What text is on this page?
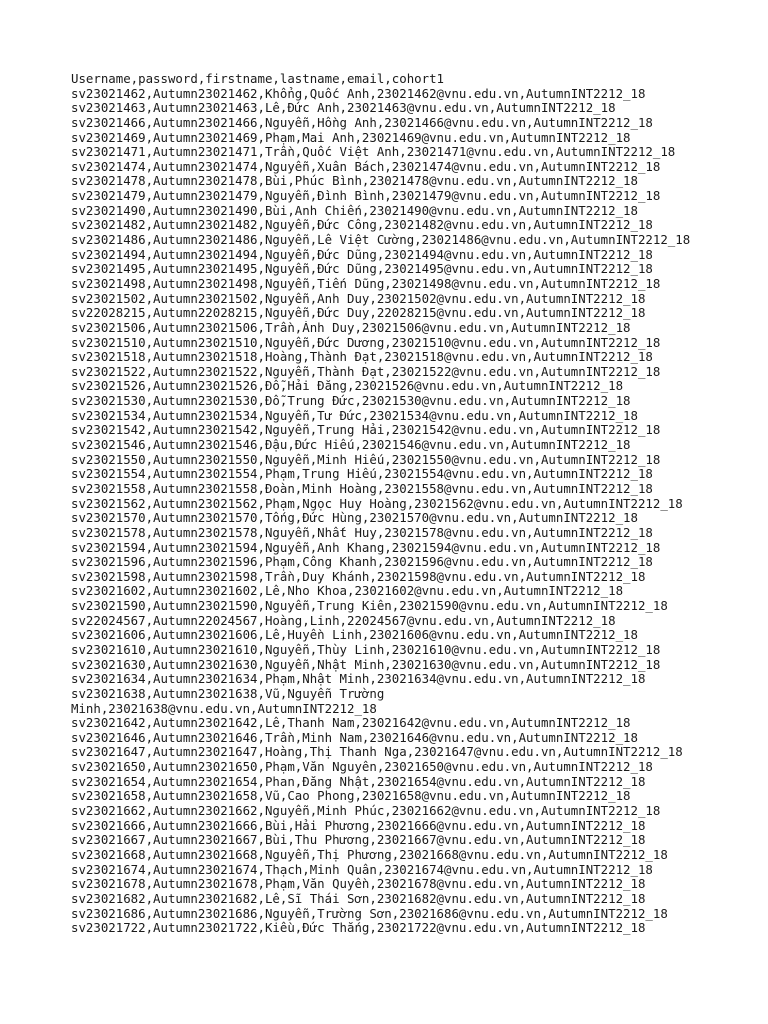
Username,password,firstname,lastname,email,cohort1
sv23021462,Autumn23021462,Khổng,Quốc Anh,23021462@vnu.edu.vn,AutumnINT2212_18
sv23021463,Autumn23021463,Lê,Đức Anh,23021463@vnu.edu.vn,AutumnINT2212_18
sv23021466,Autumn23021466,Nguyễn,Hồng Anh,23021466@vnu.edu.vn,AutumnINT2212_18
sv23021469,Autumn23021469,Phạm,Mai Anh,23021469@vnu.edu.vn,AutumnINT2212_18
sv23021471,Autumn23021471,Trần,Quốc Việt Anh,23021471@vnu.edu.vn,AutumnINT2212_18
sv23021474,Autumn23021474,Nguyễn,Xuân Bách,23021474@vnu.edu.vn,AutumnINT2212_18
sv23021478,Autumn23021478,Bùi,Phúc Bình,23021478@vnu.edu.vn,AutumnINT2212_18
sv23021479,Autumn23021479,Nguyễn,Đình Bình,23021479@vnu.edu.vn,AutumnINT2212_18
sv23021490,Autumn23021490,Bùi,Anh Chiến,23021490@vnu.edu.vn,AutumnINT2212_18
sv23021482,Autumn23021482,Nguyễn,Đức Công,23021482@vnu.edu.vn,AutumnINT2212_18
sv23021486,Autumn23021486,Nguyễn,Lê Việt Cường,23021486@vnu.edu.vn,AutumnINT2212_18
sv23021494,Autumn23021494,Nguyễn,Đức Dũng,23021494@vnu.edu.vn,AutumnINT2212_18
sv23021495,Autumn23021495,Nguyễn,Đức Dũng,23021495@vnu.edu.vn,AutumnINT2212_18
sv23021498,Autumn23021498,Nguyễn,Tiến Dũng,23021498@vnu.edu.vn,AutumnINT2212_18
sv23021502,Autumn23021502,Nguyễn,Anh Duy,23021502@vnu.edu.vn,AutumnINT2212_18
sv22028215,Autumn22028215,Nguyễn,Đức Duy,22028215@vnu.edu.vn,AutumnINT2212_18
sv23021506,Autumn23021506,Trần,Ánh Duy,23021506@vnu.edu.vn,AutumnINT2212_18
sv23021510,Autumn23021510,Nguyễn,Đức Dương,23021510@vnu.edu.vn,AutumnINT2212_18
sv23021518,Autumn23021518,Hoàng,Thành Đạt,23021518@vnu.edu.vn,AutumnINT2212_18
sv23021522,Autumn23021522,Nguyễn,Thành Đạt,23021522@vnu.edu.vn,AutumnINT2212_18
sv23021526,Autumn23021526,Đỗ,Hải Đăng,23021526@vnu.edu.vn,AutumnINT2212_18
sv23021530,Autumn23021530,Đỗ,Trung Đức,23021530@vnu.edu.vn,AutumnINT2212_18
sv23021534,Autumn23021534,Nguyễn,Tư Đức,23021534@vnu.edu.vn,AutumnINT2212_18
sv23021542,Autumn23021542,Nguyễn,Trung Hải,23021542@vnu.edu.vn,AutumnINT2212_18
sv23021546,Autumn23021546,Đậu,Đức Hiếu,23021546@vnu.edu.vn,AutumnINT2212_18
sv23021550,Autumn23021550,Nguyễn,Minh Hiếu,23021550@vnu.edu.vn,AutumnINT2212_18
sv23021554,Autumn23021554,Phạm,Trung Hiếu,23021554@vnu.edu.vn,AutumnINT2212_18
sv23021558,Autumn23021558,Đoàn,Minh Hoàng,23021558@vnu.edu.vn,AutumnINT2212_18
sv23021562,Autumn23021562,Phạm,Ngọc Huy Hoàng,23021562@vnu.edu.vn,AutumnINT2212_18
sv23021570,Autumn23021570,Tống,Đức Hùng,23021570@vnu.edu.vn,AutumnINT2212_18
sv23021578,Autumn23021578,Nguyễn,Nhất Huy,23021578@vnu.edu.vn,AutumnINT2212_18
sv23021594,Autumn23021594,Nguyễn,Anh Khang,23021594@vnu.edu.vn,AutumnINT2212_18
sv23021596,Autumn23021596,Phạm,Công Khanh,23021596@vnu.edu.vn,AutumnINT2212_18
sv23021598,Autumn23021598,Trần,Duy Khánh,23021598@vnu.edu.vn,AutumnINT2212_18
sv23021602,Autumn23021602,Lê,Nho Khoa,23021602@vnu.edu.vn,AutumnINT2212_18
sv23021590,Autumn23021590,Nguyễn,Trung Kiên,23021590@vnu.edu.vn,AutumnINT2212_18
sv22024567,Autumn22024567,Hoàng,Linh,22024567@vnu.edu.vn,AutumnINT2212_18
sv23021606,Autumn23021606,Lê,Huyền Linh,23021606@vnu.edu.vn,AutumnINT2212_18
sv23021610,Autumn23021610,Nguyễn,Thùy Linh,23021610@vnu.edu.vn,AutumnINT2212_18
sv23021630,Autumn23021630,Nguyễn,Nhật Minh,23021630@vnu.edu.vn,AutumnINT2212_18
sv23021634,Autumn23021634,Phạm,Nhật Minh,23021634@vnu.edu.vn,AutumnINT2212_18
sv23021638,Autumn23021638,Vũ,Nguyễn Trường
Minh,23021638@vnu.edu.vn,AutumnINT2212_18
sv23021642,Autumn23021642,Lê,Thanh Nam,23021642@vnu.edu.vn,AutumnINT2212_18
sv23021646,Autumn23021646,Trần,Minh Nam,23021646@vnu.edu.vn,AutumnINT2212_18
sv23021647,Autumn23021647,Hoàng,Thị Thanh Nga,23021647@vnu.edu.vn,AutumnINT2212_18
sv23021650,Autumn23021650,Phạm,Văn Nguyên,23021650@vnu.edu.vn,AutumnINT2212_18
sv23021654,Autumn23021654,Phan,Đăng Nhật,23021654@vnu.edu.vn,AutumnINT2212_18
sv23021658,Autumn23021658,Vũ,Cao Phong,23021658@vnu.edu.vn,AutumnINT2212_18
sv23021662,Autumn23021662,Nguyễn,Minh Phúc,23021662@vnu.edu.vn,AutumnINT2212_18
sv23021666,Autumn23021666,Bùi,Hải Phương,23021666@vnu.edu.vn,AutumnINT2212_18
sv23021667,Autumn23021667,Bùi,Thu Phương,23021667@vnu.edu.vn,AutumnINT2212_18
sv23021668,Autumn23021668,Nguyễn,Thị Phương,23021668@vnu.edu.vn,AutumnINT2212_18
sv23021674,Autumn23021674,Thạch,Minh Quân,23021674@vnu.edu.vn,AutumnINT2212_18
sv23021678,Autumn23021678,Phạm,Văn Quyền,23021678@vnu.edu.vn,AutumnINT2212_18
sv23021682,Autumn23021682,Lê,Sĩ Thái Sơn,23021682@vnu.edu.vn,AutumnINT2212_18
sv23021686,Autumn23021686,Nguyễn,Trường Sơn,23021686@vnu.edu.vn,AutumnINT2212_18
sv23021722,Autumn23021722,Kiều,Đức Thắng,23021722@vnu.edu.vn,AutumnINT2212_18
